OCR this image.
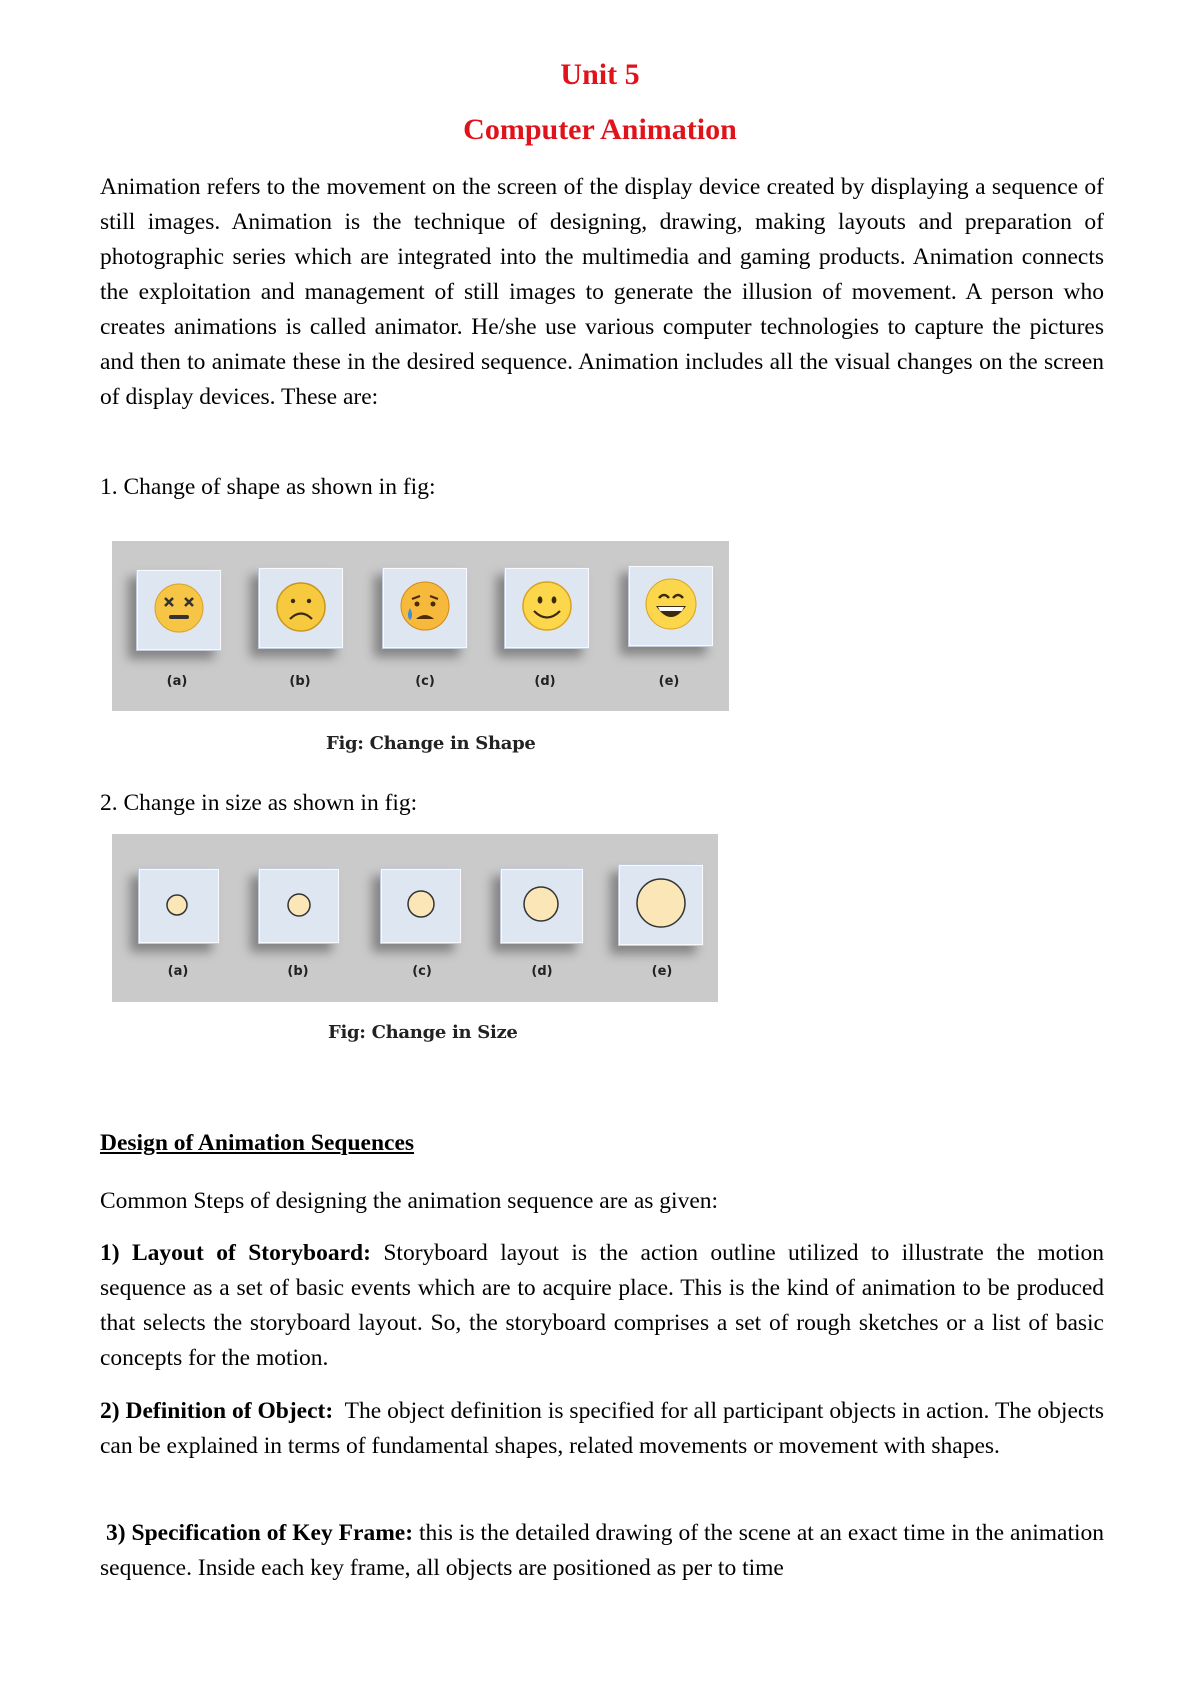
Unit 5
Computer Animation
Animation refers to the movement on the screen of the display device created by displaying a sequence of still images. Animation is the technique of designing, drawing, making layouts and preparation of photographic series which are integrated into the multimedia and gaming products. Animation connects the exploitation and management of still images to generate the illusion of movement. A person who creates animations is called animator. He/she use various computer technologies to capture the pictures and then to animate these in the desired sequence. Animation includes all the visual changes on the screen of display devices. These are:
1. Change of shape as shown in fig:
(a)	(b)	(c)	(d)	(e)
Fig: Change in Shape
2. Change in size as shown in fig:
(a)	(b)	(c)	(d)	(e)
Fig: Change in Size
Design of Animation Sequences
Common Steps of designing the animation sequence are as given:
1) Layout of Storyboard: Storyboard layout is the action outline utilized to illustrate the motion sequence as a set of basic events which are to acquire place. This is the kind of animation to be produced that selects the storyboard layout. So, the storyboard comprises a set of rough sketches or a list of basic concepts for the motion.
2) Definition of Object:  The object definition is specified for all participant objects in action. The objects can be explained in terms of fundamental shapes, related movements or movement with shapes.
3) Specification of Key Frame: this is the detailed drawing of the scene at an exact time in the animation sequence. Inside each key frame, all objects are positioned as per to time
